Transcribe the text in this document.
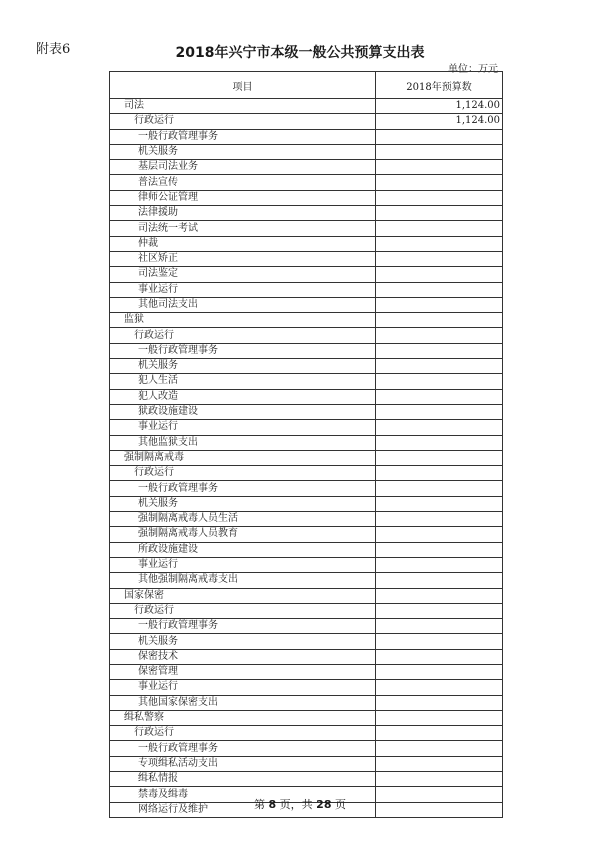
附表6	2018年兴宁市本级一般公共预算支出表
单位：万元
项目	2018年预算数
司法	1,124.00
行政运行	1,124.00
一般行政管理事务	
机关服务	
基层司法业务	
普法宣传	
律师公证管理	
法律援助	
司法统一考试	
仲裁	
社区矫正	
司法鉴定	
事业运行	
其他司法支出	
监狱	
行政运行	
一般行政管理事务	
机关服务	
犯人生活	
犯人改造	
狱政设施建设	
事业运行	
其他监狱支出	
强制隔离戒毒	
行政运行	
一般行政管理事务	
机关服务	
强制隔离戒毒人员生活	
强制隔离戒毒人员教育	
所政设施建设	
事业运行	
其他强制隔离戒毒支出	
国家保密	
行政运行	
一般行政管理事务	
机关服务	
保密技术	
保密管理	
事业运行	
其他国家保密支出	
缉私警察	
行政运行	
一般行政管理事务	
专项缉私活动支出	
缉私情报	
禁毒及缉毒	
网络运行及维护		第 8 页，共 28 页
